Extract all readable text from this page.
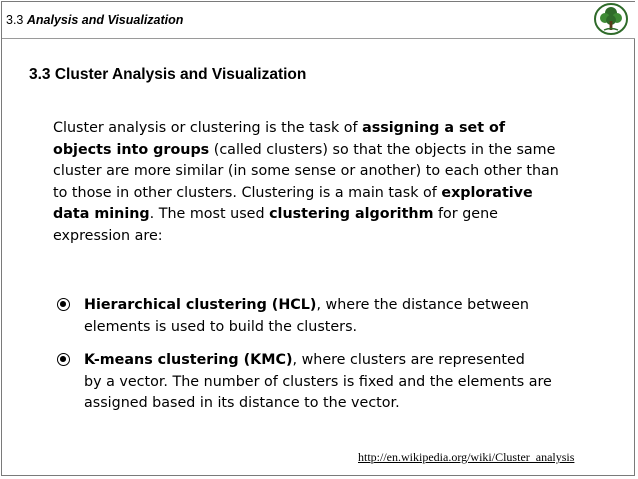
3.3 Analysis and Visualization
3.3 Cluster Analysis and Visualization
Cluster analysis or clustering is the task of assigning a set of
objects into groups (called clusters) so that the objects in the same
cluster are more similar (in some sense or another) to each other than
to those in other clusters. Clustering is a main task of explorative
data mining. The most used clustering algorithm for gene
expression are:
Hierarchical clustering (HCL), where the distance between
elements is used to build the clusters.
K-means clustering (KMC), where clusters are represented
by a vector. The number of clusters is fixed and the elements are
assigned based in its distance to the vector.
http://en.wikipedia.org/wiki/Cluster_analysis
